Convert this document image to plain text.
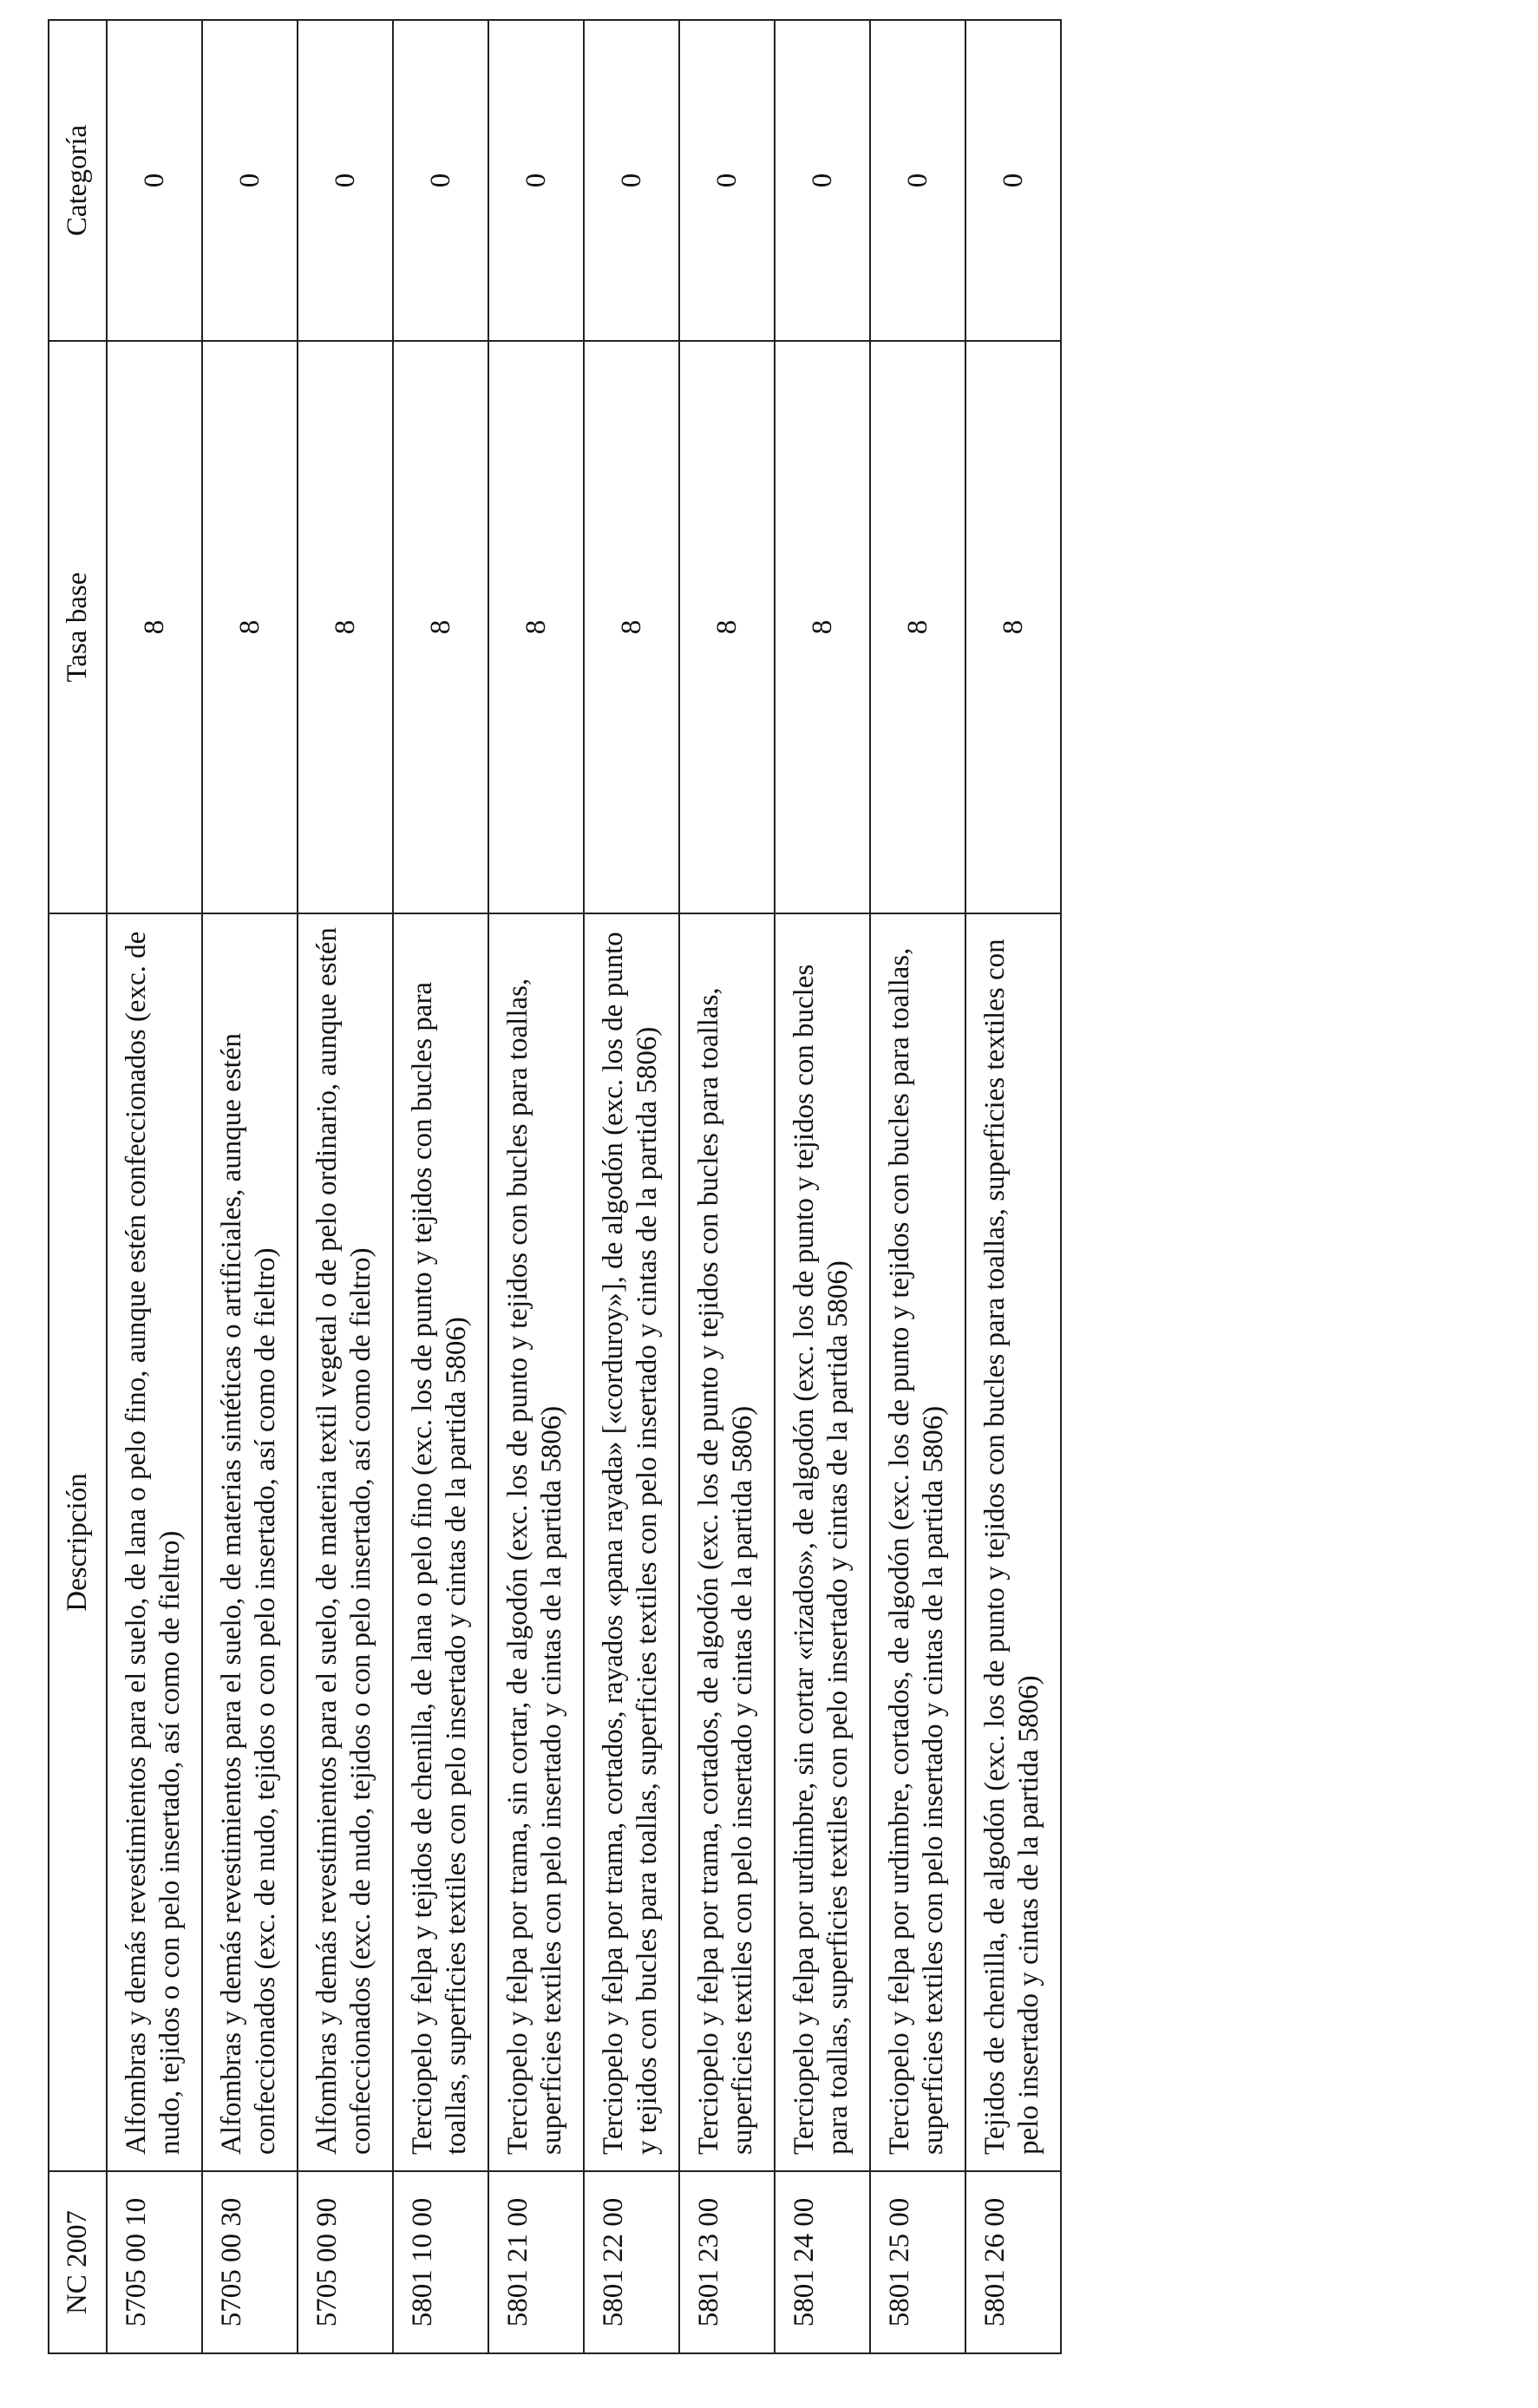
NC 2007	Descripción	Tasa base	Categoría
5705 00 10	Alfombras y demás revestimientos para el suelo, de lana o pelo fino, aunque estén confeccionados (exc. de nudo, tejidos o con pelo insertado, así como de fieltro)	8	0
5705 00 30	Alfombras y demás revestimientos para el suelo, de materias sintéticas o artificiales, aunque estén confeccionados (exc. de nudo, tejidos o con pelo insertado, así como de fieltro)	8	0
5705 00 90	Alfombras y demás revestimientos para el suelo, de materia textil vegetal o de pelo ordinario, aunque estén confeccionados (exc. de nudo, tejidos o con pelo insertado, así como de fieltro)	8	0
5801 10 00	Terciopelo y felpa y tejidos de chenilla, de lana o pelo fino (exc. los de punto y tejidos con bucles para toallas, superficies textiles con pelo insertado y cintas de la partida 5806)	8	0
5801 21 00	Terciopelo y felpa por trama, sin cortar, de algodón (exc. los de punto y tejidos con bucles para toallas, superficies textiles con pelo insertado y cintas de la partida 5806)	8	0
5801 22 00	Terciopelo y felpa por trama, cortados, rayados «pana rayada» [«corduroy»], de algodón (exc. los de punto y tejidos con bucles para toallas, superficies textiles con pelo insertado y cintas de la partida 5806)	8	0
5801 23 00	Terciopelo y felpa por trama, cortados, de algodón (exc. los de punto y tejidos con bucles para toallas, superficies textiles con pelo insertado y cintas de la partida 5806)	8	0
5801 24 00	Terciopelo y felpa por urdimbre, sin cortar «rizados», de algodón (exc. los de punto y tejidos con bucles para toallas, superficies textiles con pelo insertado y cintas de la partida 5806)	8	0
5801 25 00	Terciopelo y felpa por urdimbre, cortados, de algodón (exc. los de punto y tejidos con bucles para toallas, superficies textiles con pelo insertado y cintas de la partida 5806)	8	0
5801 26 00	Tejidos de chenilla, de algodón (exc. los de punto y tejidos con bucles para toallas, superficies textiles con pelo insertado y cintas de la partida 5806)	8	0
